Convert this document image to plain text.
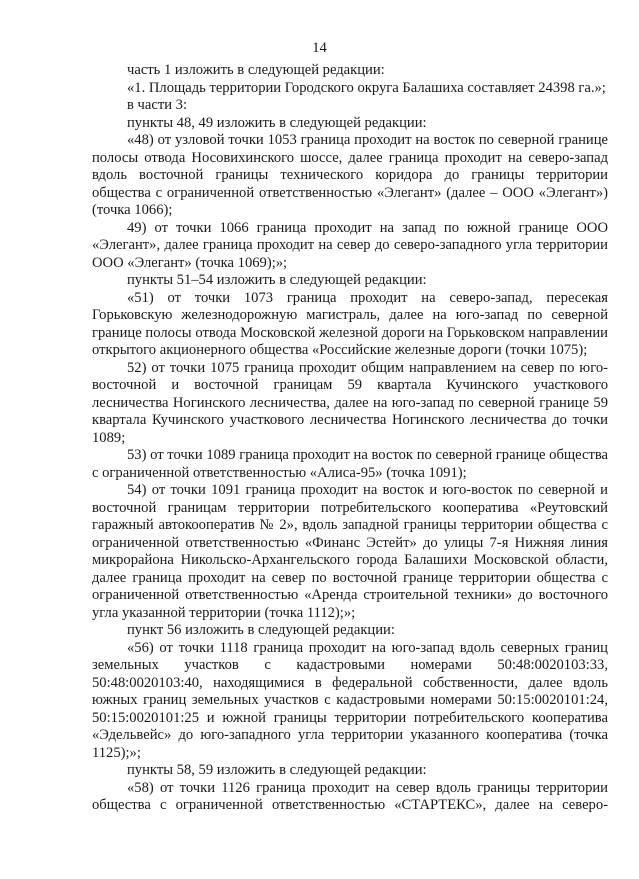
14

часть 1 изложить в следующей редакции:

«1. Площадь территории Городского округа Балашиха составляет 24398 га.»;

в части 3:

пункты 48, 49 изложить в следующей редакции:

«48) от узловой точки 1053 граница проходит на восток по северной границе полосы отвода Носовихинского шоссе, далее граница проходит на северо-запад вдоль восточной границы технического коридора до границы территории общества с ограниченной ответственностью «Элегант» (далее – ООО «Элегант») (точка 1066);

49) от точки 1066 граница проходит на запад по южной границе ООО «Элегант», далее граница проходит на север до северо-западного угла территории ООО «Элегант» (точка 1069);»;

пункты 51–54 изложить в следующей редакции:

«51) от точки 1073 граница проходит на северо-запад, пересекая Горьковскую железнодорожную магистраль, далее на юго-запад по северной границе полосы отвода Московской железной дороги на Горьковском направлении открытого акционерного общества «Российские железные дороги (точки 1075);

52) от точки 1075 граница проходит общим направлением на север по юго-восточной и восточной границам 59 квартала Кучинского участкового лесничества Ногинского лесничества, далее на юго-запад по северной границе 59 квартала Кучинского участкового лесничества Ногинского лесничества до точки 1089;

53) от точки 1089 граница проходит на восток по северной границе общества с ограниченной ответственностью «Алиса-95» (точка 1091);

54) от точки 1091 граница проходит на восток и юго-восток по северной и восточной границам территории потребительского кооператива «Реутовский гаражный автокооператив № 2», вдоль западной границы территории общества с ограниченной ответственностью «Финанс Эстейт» до улицы 7-я Нижняя линия микрорайона Никольско-Архангельского города Балашихи Московской области, далее граница проходит на север по восточной границе территории общества с ограниченной ответственностью «Аренда строительной техники» до восточного угла указанной территории (точка 1112);»;

пункт 56 изложить в следующей редакции:

«56) от точки 1118 граница проходит на юго-запад вдоль северных границ земельных участков с кадастровыми номерами 50:48:0020103:33, 50:48:0020103:40, находящимися в федеральной собственности, далее вдоль южных границ земельных участков с кадастровыми номерами 50:15:0020101:24, 50:15:0020101:25 и южной границы территории потребительского кооператива «Эдельвейс» до юго-западного угла территории указанного кооператива (точка 1125);»;

пункты 58, 59 изложить в следующей редакции:

«58) от точки 1126 граница проходит на север вдоль границы территории общества с ограниченной ответственностью «СТАРТЕКС», далее на северо-
